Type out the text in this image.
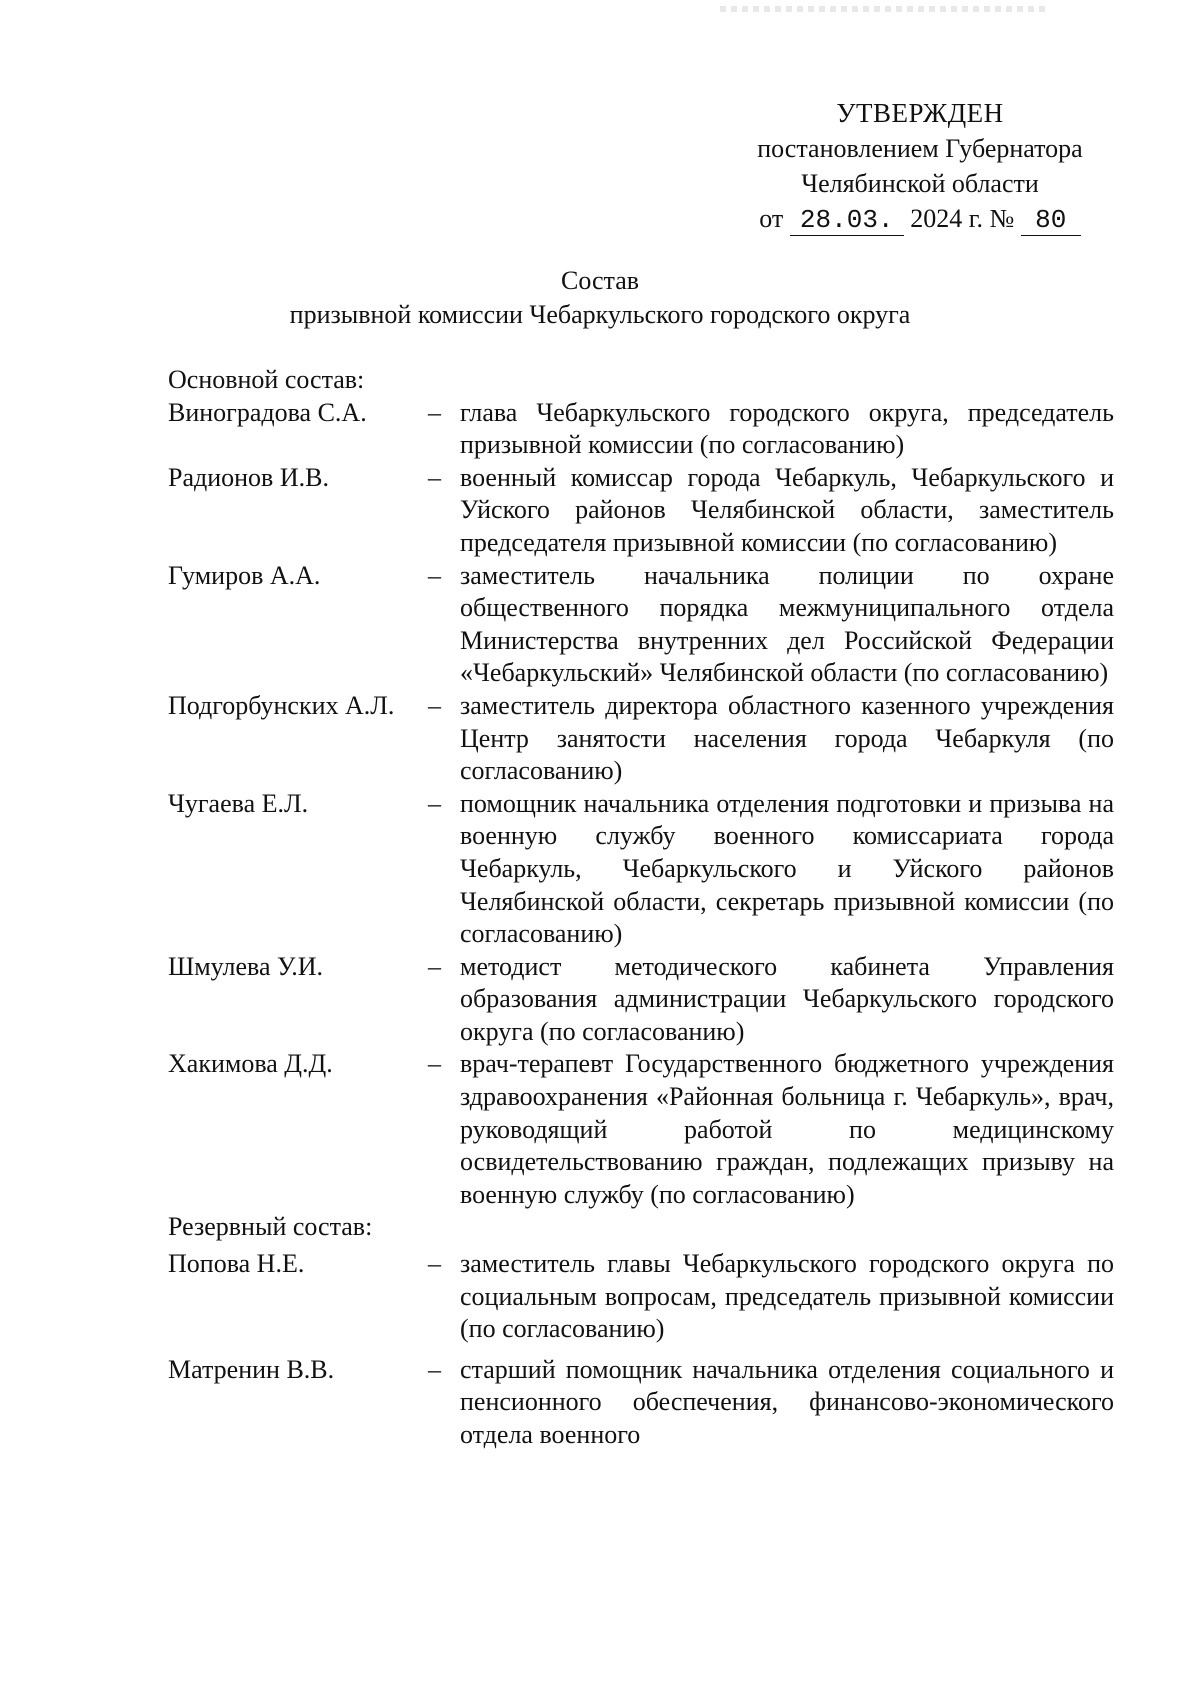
УТВЕРЖДЕН
постановлением Губернатора
Челябинской области
от 28.03. 2024 г. № 80
Состав
призывной комиссии Чебаркульского городского округа
Основной состав:
Виноградова С.А.	– глава Чебаркульского городского округа, председатель призывной комиссии (по согласованию)
Радионов И.В.	– военный комиссар города Чебаркуль, Чебаркульского и Уйского районов Челябинской области, заместитель председателя призывной комиссии (по согласованию)
Гумиров А.А.	– заместитель начальника полиции по охране общественного порядка межмуниципального отдела Министерства внутренних дел Российской Федерации «Чебаркульский» Челябинской области (по согласованию)
Подгорбунских А.Л.	– заместитель директора областного казенного учреждения Центр занятости населения города Чебаркуля (по согласованию)
Чугаева Е.Л.	– помощник начальника отделения подготовки и призыва на военную службу военного комиссариата города Чебаркуль, Чебаркульского и Уйского районов Челябинской области, секретарь призывной комиссии (по согласованию)
Шмулева У.И.	– методист методического кабинета Управления образования администрации Чебаркульского городского округа (по согласованию)
Хакимова Д.Д.	– врач-терапевт Государственного бюджетного учреждения здравоохранения «Районная больница г. Чебаркуль», врач, руководящий работой по медицинскому освидетельствованию граждан, подлежащих призыву на военную службу (по согласованию)
Резервный состав:
Попова Н.Е.	– заместитель главы Чебаркульского городского округа по социальным вопросам, председатель призывной комиссии (по согласованию)
Матренин В.В.	– старший помощник начальника отделения социального и пенсионного обеспечения, финансово-экономического отдела военного
